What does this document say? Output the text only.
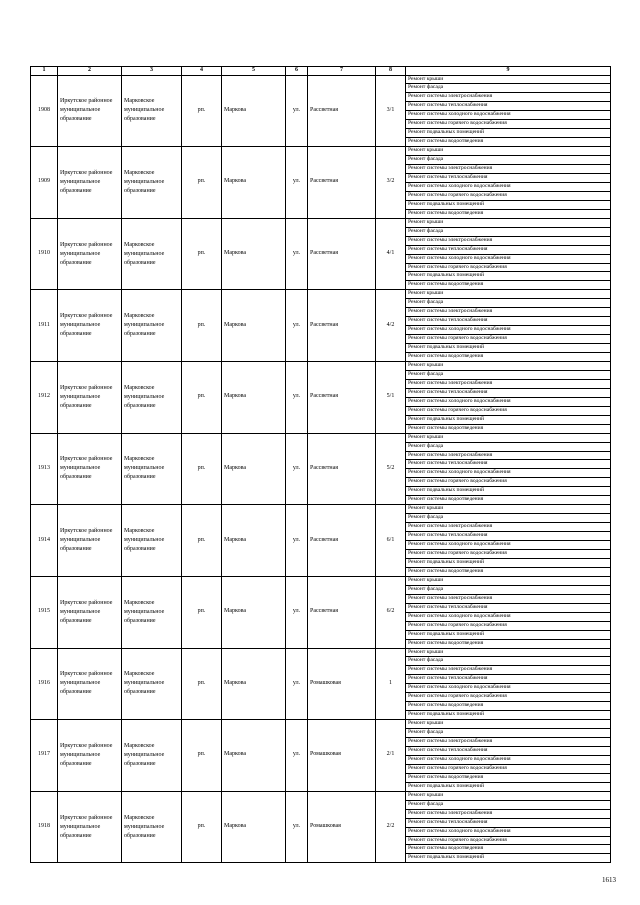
1	2	3	4	5	6	7	8	9
1908	Иркутское районное муниципальное образование	Марковское муниципальное образование	рп.	Маркова	ул.	Рассветная	3/1	Ремонт крыши
								Ремонт фасада
								Ремонт системы электроснабжения
								Ремонт системы теплоснабжения
								Ремонт системы холодного водоснабжения
								Ремонт системы горячего водоснабжения
								Ремонт подвальных помещений
								Ремонт системы водоотведения
1909	Иркутское районное муниципальное образование	Марковское муниципальное образование	рп.	Маркова	ул.	Рассветная	3/2	Ремонт крыши
								Ремонт фасада
								Ремонт системы электроснабжения
								Ремонт системы теплоснабжения
								Ремонт системы холодного водоснабжения
								Ремонт системы горячего водоснабжения
								Ремонт подвальных помещений
								Ремонт системы водоотведения
1910	Иркутское районное муниципальное образование	Марковское муниципальное образование	рп.	Маркова	ул.	Рассветная	4/1	Ремонт крыши
								Ремонт фасада
								Ремонт системы электроснабжения
								Ремонт системы теплоснабжения
								Ремонт системы холодного водоснабжения
								Ремонт системы горячего водоснабжения
								Ремонт подвальных помещений
								Ремонт системы водоотведения
1911	Иркутское районное муниципальное образование	Марковское муниципальное образование	рп.	Маркова	ул.	Рассветная	4/2	Ремонт крыши
								Ремонт фасада
								Ремонт системы электроснабжения
								Ремонт системы теплоснабжения
								Ремонт системы холодного водоснабжения
								Ремонт системы горячего водоснабжения
								Ремонт подвальных помещений
								Ремонт системы водоотведения
1912	Иркутское районное муниципальное образование	Марковское муниципальное образование	рп.	Маркова	ул.	Рассветная	5/1	Ремонт крыши
								Ремонт фасада
								Ремонт системы электроснабжения
								Ремонт системы теплоснабжения
								Ремонт системы холодного водоснабжения
								Ремонт системы горячего водоснабжения
								Ремонт подвальных помещений
								Ремонт системы водоотведения
1913	Иркутское районное муниципальное образование	Марковское муниципальное образование	рп.	Маркова	ул.	Рассветная	5/2	Ремонт крыши
								Ремонт фасада
								Ремонт системы электроснабжения
								Ремонт системы теплоснабжения
								Ремонт системы холодного водоснабжения
								Ремонт системы горячего водоснабжения
								Ремонт подвальных помещений
								Ремонт системы водоотведения
1914	Иркутское районное муниципальное образование	Марковское муниципальное образование	рп.	Маркова	ул.	Рассветная	6/1	Ремонт крыши
								Ремонт фасада
								Ремонт системы электроснабжения
								Ремонт системы теплоснабжения
								Ремонт системы холодного водоснабжения
								Ремонт системы горячего водоснабжения
								Ремонт подвальных помещений
								Ремонт системы водоотведения
1915	Иркутское районное муниципальное образование	Марковское муниципальное образование	рп.	Маркова	ул.	Рассветная	6/2	Ремонт крыши
								Ремонт фасада
								Ремонт системы электроснабжения
								Ремонт системы теплоснабжения
								Ремонт системы холодного водоснабжения
								Ремонт системы горячего водоснабжения
								Ремонт подвальных помещений
								Ремонт системы водоотведения
1916	Иркутское районное муниципальное образование	Марковское муниципальное образование	рп.	Маркова	ул.	Ромашковая	1	Ремонт крыши
								Ремонт фасада
								Ремонт системы электроснабжения
								Ремонт системы теплоснабжения
								Ремонт системы холодного водоснабжения
								Ремонт системы горячего водоснабжения
								Ремонт системы водоотведения
								Ремонт подвальных помещений
1917	Иркутское районное муниципальное образование	Марковское муниципальное образование	рп.	Маркова	ул.	Ромашковая	2/1	Ремонт крыши
								Ремонт фасада
								Ремонт системы электроснабжения
								Ремонт системы теплоснабжения
								Ремонт системы холодного водоснабжения
								Ремонт системы горячего водоснабжения
								Ремонт системы водоотведения
								Ремонт подвальных помещений
1918	Иркутское районное муниципальное образование	Марковское муниципальное образование	рп.	Маркова	ул.	Ромашковая	2/2	Ремонт крыши
								Ремонт фасада
								Ремонт системы электроснабжения
								Ремонт системы теплоснабжения
								Ремонт системы холодного водоснабжения
								Ремонт системы горячего водоснабжения
								Ремонт системы водоотведения
								Ремонт подвальных помещений
1613
